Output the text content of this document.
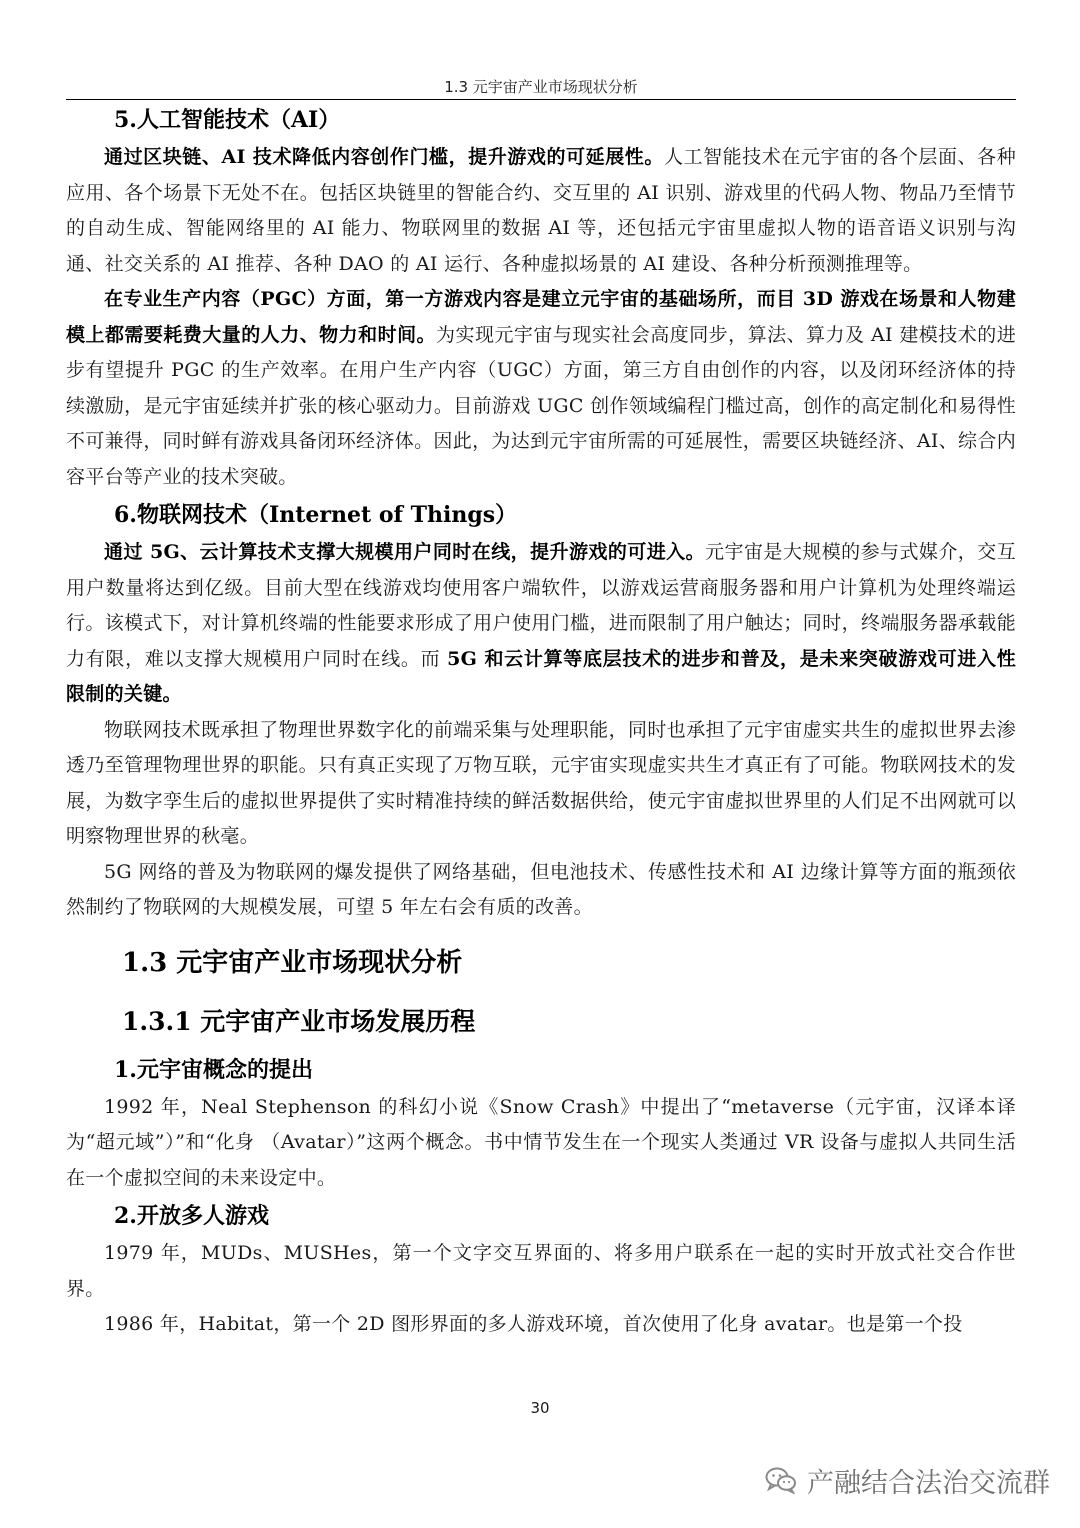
1.3 元宇宙产业市场现状分析
5.人工智能技术（AI）

通过区块链、AI 技术降低内容创作门槛，提升游戏的可延展性。人工智能技术在元宇宙的各个层面、各种应用、各个场景下无处不在。包括区块链里的智能合约、交互里的 AI 识别、游戏里的代码人物、物品乃至情节的自动生成、智能网络里的 AI 能力、物联网里的数据 AI 等，还包括元宇宙里虚拟人物的语音语义识别与沟通、社交关系的 AI 推荐、各种 DAO 的 AI 运行、各种虚拟场景的 AI 建设、各种分析预测推理等。

在专业生产内容（PGC）方面，第一方游戏内容是建立元宇宙的基础场所，而目 3D 游戏在场景和人物建模上都需要耗费大量的人力、物力和时间。为实现元宇宙与现实社会高度同步，算法、算力及 AI 建模技术的进步有望提升 PGC 的生产效率。在用户生产内容（UGC）方面，第三方自由创作的内容，以及闭环经济体的持续激励，是元宇宙延续并扩张的核心驱动力。目前游戏 UGC 创作领域编程门槛过高，创作的高定制化和易得性不可兼得，同时鲜有游戏具备闭环经济体。因此，为达到元宇宙所需的可延展性，需要区块链经济、AI、综合内容平台等产业的技术突破。

6.物联网技术（Internet of Things）

通过 5G、云计算技术支撑大规模用户同时在线，提升游戏的可进入。元宇宙是大规模的参与式媒介，交互用户数量将达到亿级。目前大型在线游戏均使用客户端软件，以游戏运营商服务器和用户计算机为处理终端运行。该模式下，对计算机终端的性能要求形成了用户使用门槛，进而限制了用户触达；同时，终端服务器承载能力有限，难以支撑大规模用户同时在线。而 5G 和云计算等底层技术的进步和普及，是未来突破游戏可进入性限制的关键。

物联网技术既承担了物理世界数字化的前端采集与处理职能，同时也承担了元宇宙虚实共生的虚拟世界去渗透乃至管理物理世界的职能。只有真正实现了万物互联，元宇宙实现虚实共生才真正有了可能。物联网技术的发展，为数字孪生后的虚拟世界提供了实时精准持续的鲜活数据供给，使元宇宙虚拟世界里的人们足不出网就可以明察物理世界的秋毫。

5G 网络的普及为物联网的爆发提供了网络基础，但电池技术、传感性技术和 AI 边缘计算等方面的瓶颈依然制约了物联网的大规模发展，可望 5 年左右会有质的改善。

1.3 元宇宙产业市场现状分析
1.3.1 元宇宙产业市场发展历程
1.元宇宙概念的提出

1992 年，Neal Stephenson 的科幻小说《Snow Crash》中提出了“metaverse（元宇宙，汉译本译为“超元域”）”和“化身 （Avatar）”这两个概念。书中情节发生在一个现实人类通过 VR 设备与虚拟人共同生活在一个虚拟空间的未来设定中。

2.开放多人游戏

1979 年，MUDs、MUSHes，第一个文字交互界面的、将多用户联系在一起的实时开放式社交合作世界。

1986 年，Habitat，第一个 2D 图形界面的多人游戏环境，首次使用了化身 avatar。也是第一个投

30
产融结合法治交流群
